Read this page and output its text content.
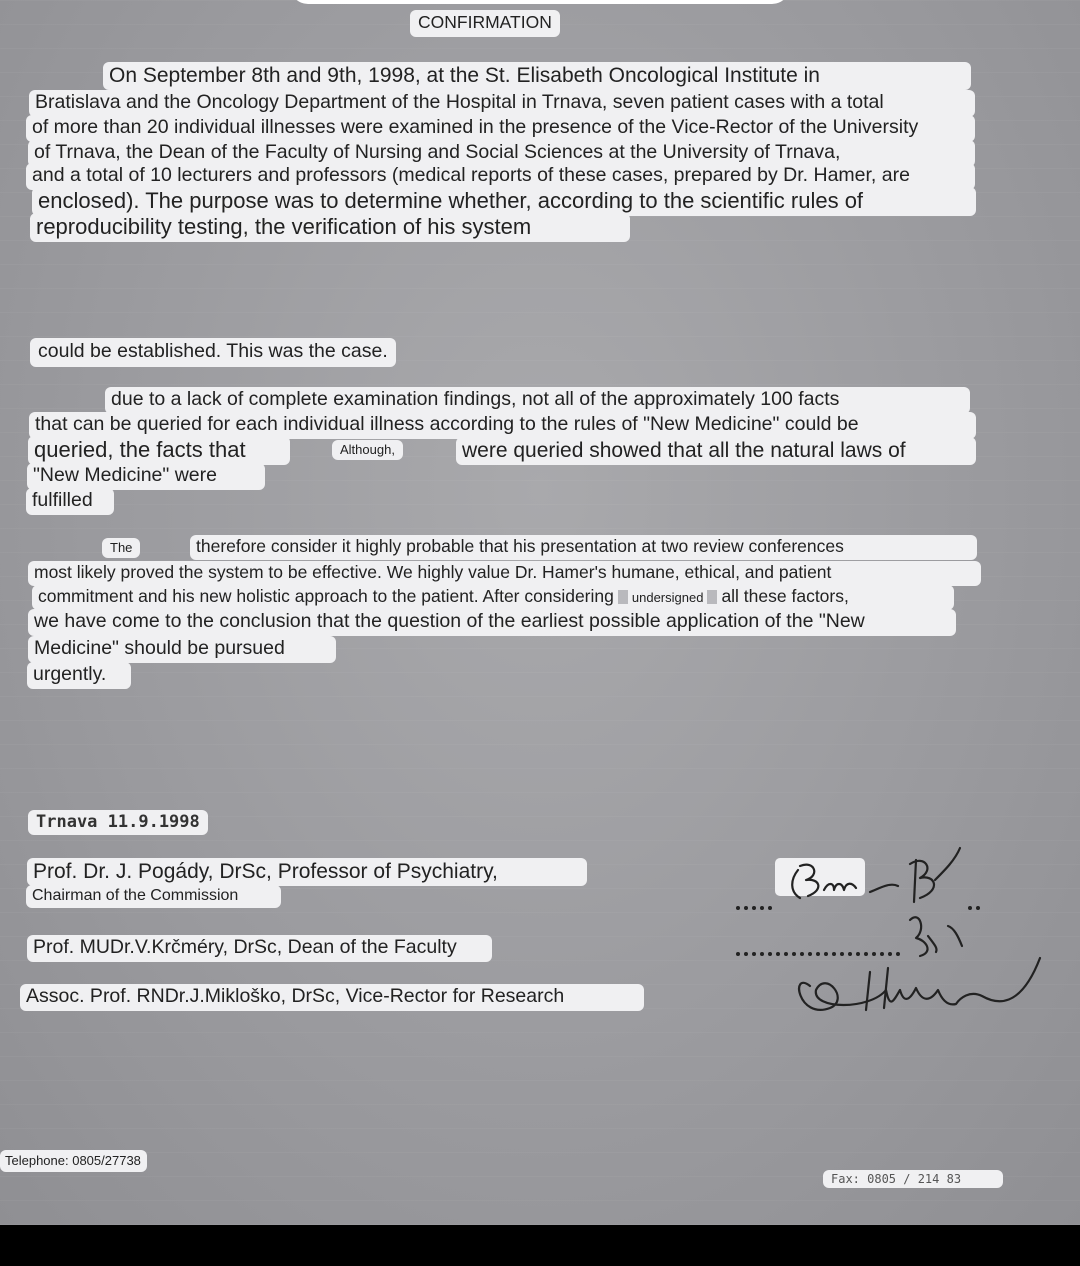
CONFIRMATION
On September 8th and 9th, 1998, at the St. Elisabeth Oncological Institute in
Bratislava and the Oncology Department of the Hospital in Trnava, seven patient cases with a total
of more than 20 individual illnesses were examined in the presence of the Vice-Rector of the University
of Trnava, the Dean of the Faculty of Nursing and Social Sciences at the University of Trnava,
and a total of 10 lecturers and professors (medical reports of these cases, prepared by Dr. Hamer, are
enclosed). The purpose was to determine whether, according to the scientific rules of
reproducibility testing, the verification of his system
could be established. This was the case.
due to a lack of complete examination findings, not all of the approximately 100 facts
that can be queried for each individual illness according to the rules of "New Medicine" could be
queried, the facts that	Although,	were queried showed that all the natural laws of
"New Medicine" were
fulfilled
The	therefore consider it highly probable that his presentation at two review conferences
most likely proved the system to be effective. We highly value Dr. Hamer's humane, ethical, and patient
commitment and his new holistic approach to the patient. After considering undersigned all these factors,
we have come to the conclusion that the question of the earliest possible application of the "New
Medicine" should be pursued
urgently.
Trnava 11.9.1998
Prof. Dr. J. Pogády, DrSc, Professor of Psychiatry,
Chairman of the Commission
Prof. MUDr.V.Krčméry, DrSc, Dean of the Faculty
Assoc. Prof. RNDr.J.Mikloško, DrSc, Vice-Rector for Research
Telephone: 0805/27738
Fax: 0805 / 214 83
